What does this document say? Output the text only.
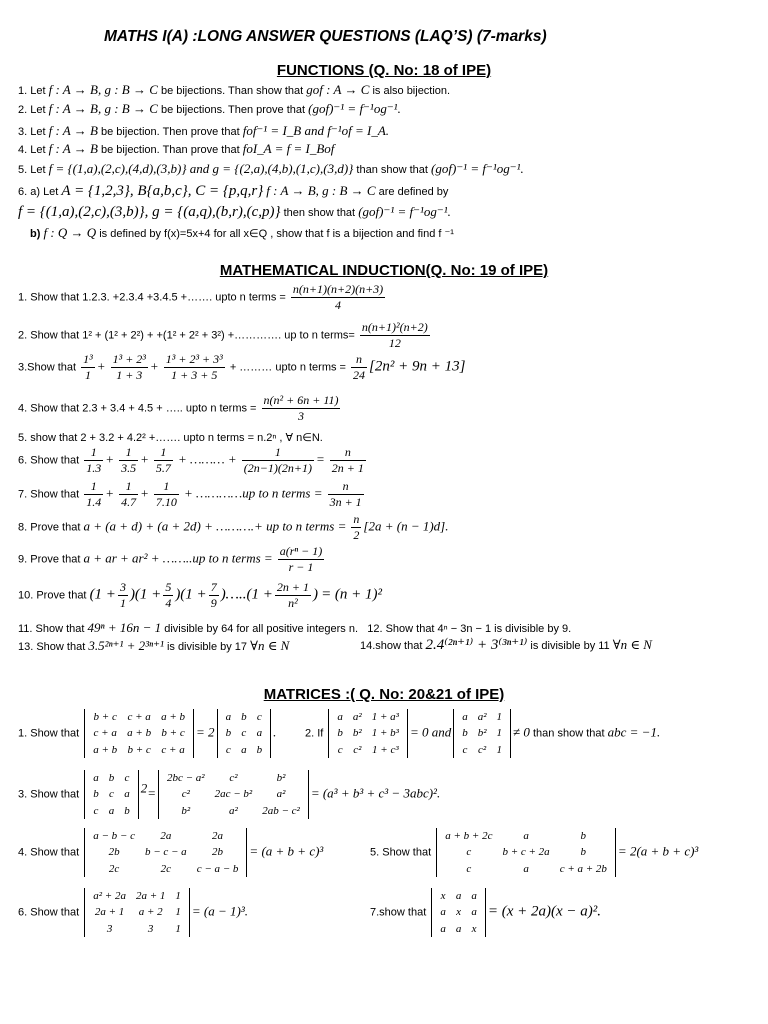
MATHS I(A) :LONG ANSWER QUESTIONS (LAQ’S) (7-marks)
FUNCTIONS (Q. No: 18 of IPE)
1. Let f : A → B, g : B → C be bijections. Than show that gof : A → C is also bijection.
2. Let f : A → B, g : B → C be bijections. Then prove that (gof)⁻¹ = f⁻¹og⁻¹.
3. Let f : A → B be bijection. Then prove that fof⁻¹ = I_B and f⁻¹of = I_A.
4. Let f : A → B be bijection. Than prove that foI_A = f = I_Bof
5. Let f = {(1,a),(2,c),(4,d),(3,b)} and g = {(2,a),(4,b),(1,c),(3,d)} than show that (gof)⁻¹ = f⁻¹og⁻¹.
6. a) Let A = {1,2,3}, B{a,b,c}, C = {p,q,r} f : A → B, g : B → C are defined by
f = {(1,a),(2,c),(3,b)}, g = {(a,q),(b,r),(c,p)} then show that (gof)⁻¹ = f⁻¹og⁻¹.
b) f : Q → Q is defined by f(x)=5x+4 for all x∈Q , show that f is a bijection and find f ⁻¹
MATHEMATICAL INDUCTION(Q. No: 19 of IPE)
1. Show that 1.2.3. +2.3.4 +3.4.5 +……. upto n terms = $\frac{n(n+1)(n+2)(n+3)}{4}$
2. Show that 1² + (1² + 2²) + +(1² + 2² + 3²) +…………. up to n terms= $\frac{\text{n(n+1)²(n+2)}}{12}$
3.Show that $\frac{\text{1³}}{1} + \frac{\text{1³ + 2³}}{1 + 3} + \frac{\text{1³ + 2³ + 3³}}{1 + 3 + 5}$ + ……… upto n terms = $\frac{n}{24} [2n^2 + 9n + 13]$
4. Show that 2.3 + 3.4 + 4.5 + ….. upto n terms = $\frac{\text{n(n² + 6n + 11)}}{3}$
5. show that 2 + 3.2 + 4.2² +……. upto n terms = n.2ⁿ , ∀ n∈N.
6. Show that $\frac{1}{1.3} + \frac{1}{3.5} + \frac{1}{5.7}$ + ……… + $\frac{1}{(2n-1)(2n+1)} = \frac{n}{2n + 1}$
7. Show that $\frac{1}{1.4} + \frac{1}{4.7} + \frac{1}{7.10}$ + …………up to n terms = $\frac{n}{3n + 1}$
8. Prove that a + (a + d) + (a + 2d) + ……….+ up to n terms = $\frac{n}{2} [2a + (n - 1)d]$.
9. Prove that a + ar + ar² + ……..up to n terms = $\frac{\text{a(rⁿ − 1)}}{r - 1}$
10. Prove that $(1 + \frac{3}{1} )(1 + \frac{5}{4} )(1 + \frac{7}{9}$ )…..(1 + $\frac{2n + 1}{\text{n²}}$ ) = (n + 1)²
11. Show that 49ⁿ + 16n − 1 divisible by 64 for all positive integers n. 12. Show that 4ⁿ − 3n − 1 is divisible by 9.
13. Show that 3.5²ⁿ⁺¹ + 2³ⁿ⁺¹ is divisible by 17 ∀n ∈ N	14.show that 2.4⁽²ⁿ⁺¹⁾ + 3⁽³ⁿ⁺¹⁾ is divisible by 11 ∀n ∈ N
MATRICES :( Q. No: 20&21 of IPE)
1. Show that
b + c	c + a	a + b
c + a	a + b	b + c
a + b	b + c	c + a
= 2
a	b	c
b	c	a
c	a	b
.	2. If
a	a²	1 + a³
b	b²	1 + b³
c	c²	1 + c³
= 0 and
a	a²	1
b	b²	1
c	c²	1
≠ 0 than show that abc = −1.
3. Show that
a	b	c
b	c	a
c	a	b
$^2$=
2bc − a²	c²	b²
c²	2ac − b²	a²
b²	a²	2ab − c²
= (a³ + b³ + c³ − 3abc)².
4. Show that
a − b − c	2a	2a
2b	b − c − a	2b
2c	2c	c − a − b
= (a + b + c)³	5. Show that
a + b + 2c	a	b
c	b + c + 2a	b
c	a	c + a + 2b
= 2(a + b + c)³
6. Show that
a² + 2a	2a + 1	1
2a + 1	a + 2	1
3	3	1
= (a − 1)³.	7.show that
x	a	a
a	x	a
a	a	x
= (x + 2a)(x − a)².
